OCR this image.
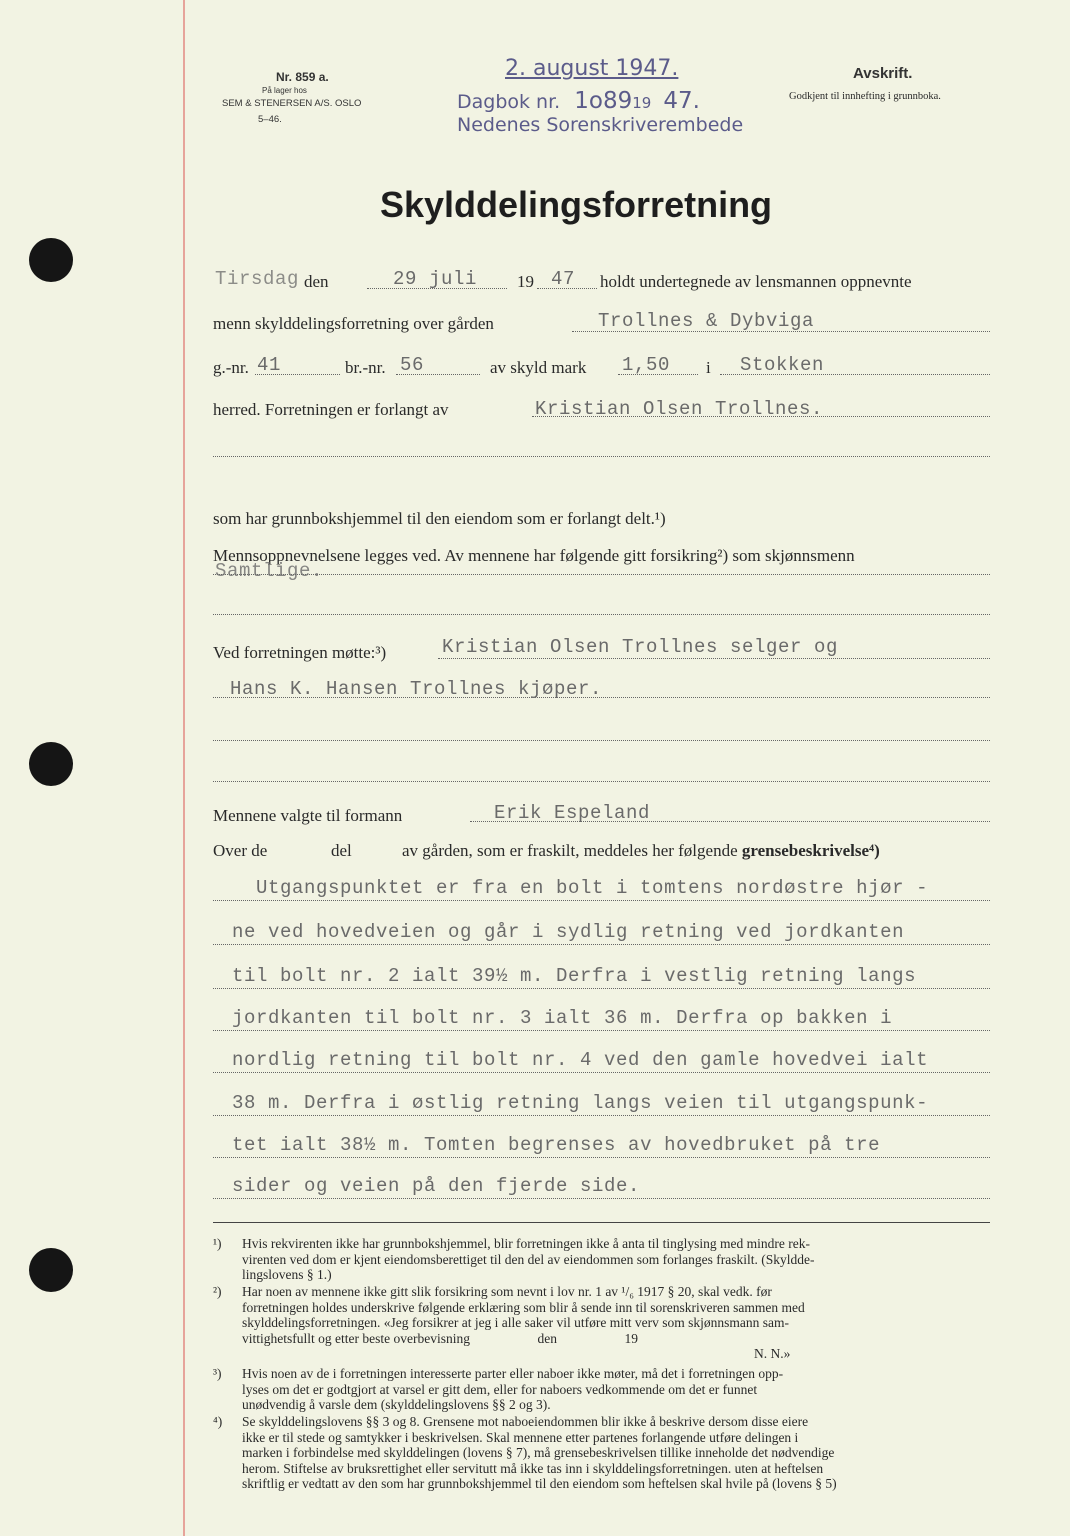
Nr. 859 a.
På lager hos
SEM & STENERSEN A/S. OSLO
5–46.
2. august 1947.
Dagbok nr. 1o8919 47.
Nedenes Sorenskriverembede
Avskrift.
Godkjent til innhefting i grunnboka.
Skylddelingsforretning
Tirsdag den	29 juli 19 47 holdt undertegnede av lensmannen oppnevnte
menn skylddelingsforretning over gården	Trollnes & Dybviga
g.-nr. 41	br.-nr. 56	av skyld mark 1,50 i Stokken
herred. Forretningen er forlangt av	Kristian Olsen Trollnes.
som har grunnbokshjemmel til den eiendom som er forlangt delt.¹)
Mennsoppnevnelsene legges ved. Av mennene har følgende gitt forsikring²) som skjønnsmenn
Samtlige.
Ved forretningen møtte:³)	Kristian Olsen Trollnes selger og
Hans K. Hansen Trollnes kjøper.
Mennene valgte til formann	Erik Espeland
Over de	del	av gården, som er fraskilt, meddeles her følgende grensebeskrivelse⁴)
Utgangspunktet er fra en bolt i tomtens nordøstre hjør -
ne ved hovedveien og går i sydlig retning ved jordkanten
til bolt nr. 2 ialt 39½ m. Derfra i vestlig retning langs
jordkanten til bolt nr. 3 ialt 36 m. Derfra op bakken i
nordlig retning til bolt nr. 4 ved den gamle hovedvei ialt
38 m. Derfra i østlig retning langs veien til utgangspunk-
tet ialt 38½ m. Tomten begrenses av hovedbruket på tre
sider og veien på den fjerde side.
¹) Hvis rekvirenten ikke har grunnbokshjemmel, blir forretningen ikke å anta til tinglysing med mindre rek-
virenten ved dom er kjent eiendomsberettiget til den del av eiendommen som forlanges fraskilt. (Skyldde-
lingslovens § 1.)
²) Har noen av mennene ikke gitt slik forsikring som nevnt i lov nr. 1 av ¹/₆ 1917 § 20, skal vedk. før
forretningen holdes underskrive følgende erklæring som blir å sende inn til sorenskriveren sammen med
skylddelingsforretningen. «Jeg forsikrer at jeg i alle saker vil utføre mitt verv som skjønnsmann sam-
vittighetsfullt og etter beste overbevisning                    den                    19
N. N.»
³) Hvis noen av de i forretningen interesserte parter eller naboer ikke møter, må det i forretningen opp-
lyses om det er godtgjort at varsel er gitt dem, eller for naboers vedkommende om det er funnet
unødvendig å varsle dem (skylddelingslovens §§ 2 og 3).
⁴) Se skylddelingslovens §§ 3 og 8. Grensene mot naboeiendommen blir ikke å beskrive dersom disse eiere
ikke er til stede og samtykker i beskrivelsen. Skal mennene etter partenes forlangende utføre delingen i
marken i forbindelse med skylddelingen (lovens § 7), må grensebeskrivelsen tillike inneholde det nødvendige
herom. Stiftelse av bruksrettighet eller servitutt må ikke tas inn i skylddelingsforretningen. uten at heftelsen
skriftlig er vedtatt av den som har grunnbokshjemmel til den eiendom som heftelsen skal hvile på (lovens § 5)
